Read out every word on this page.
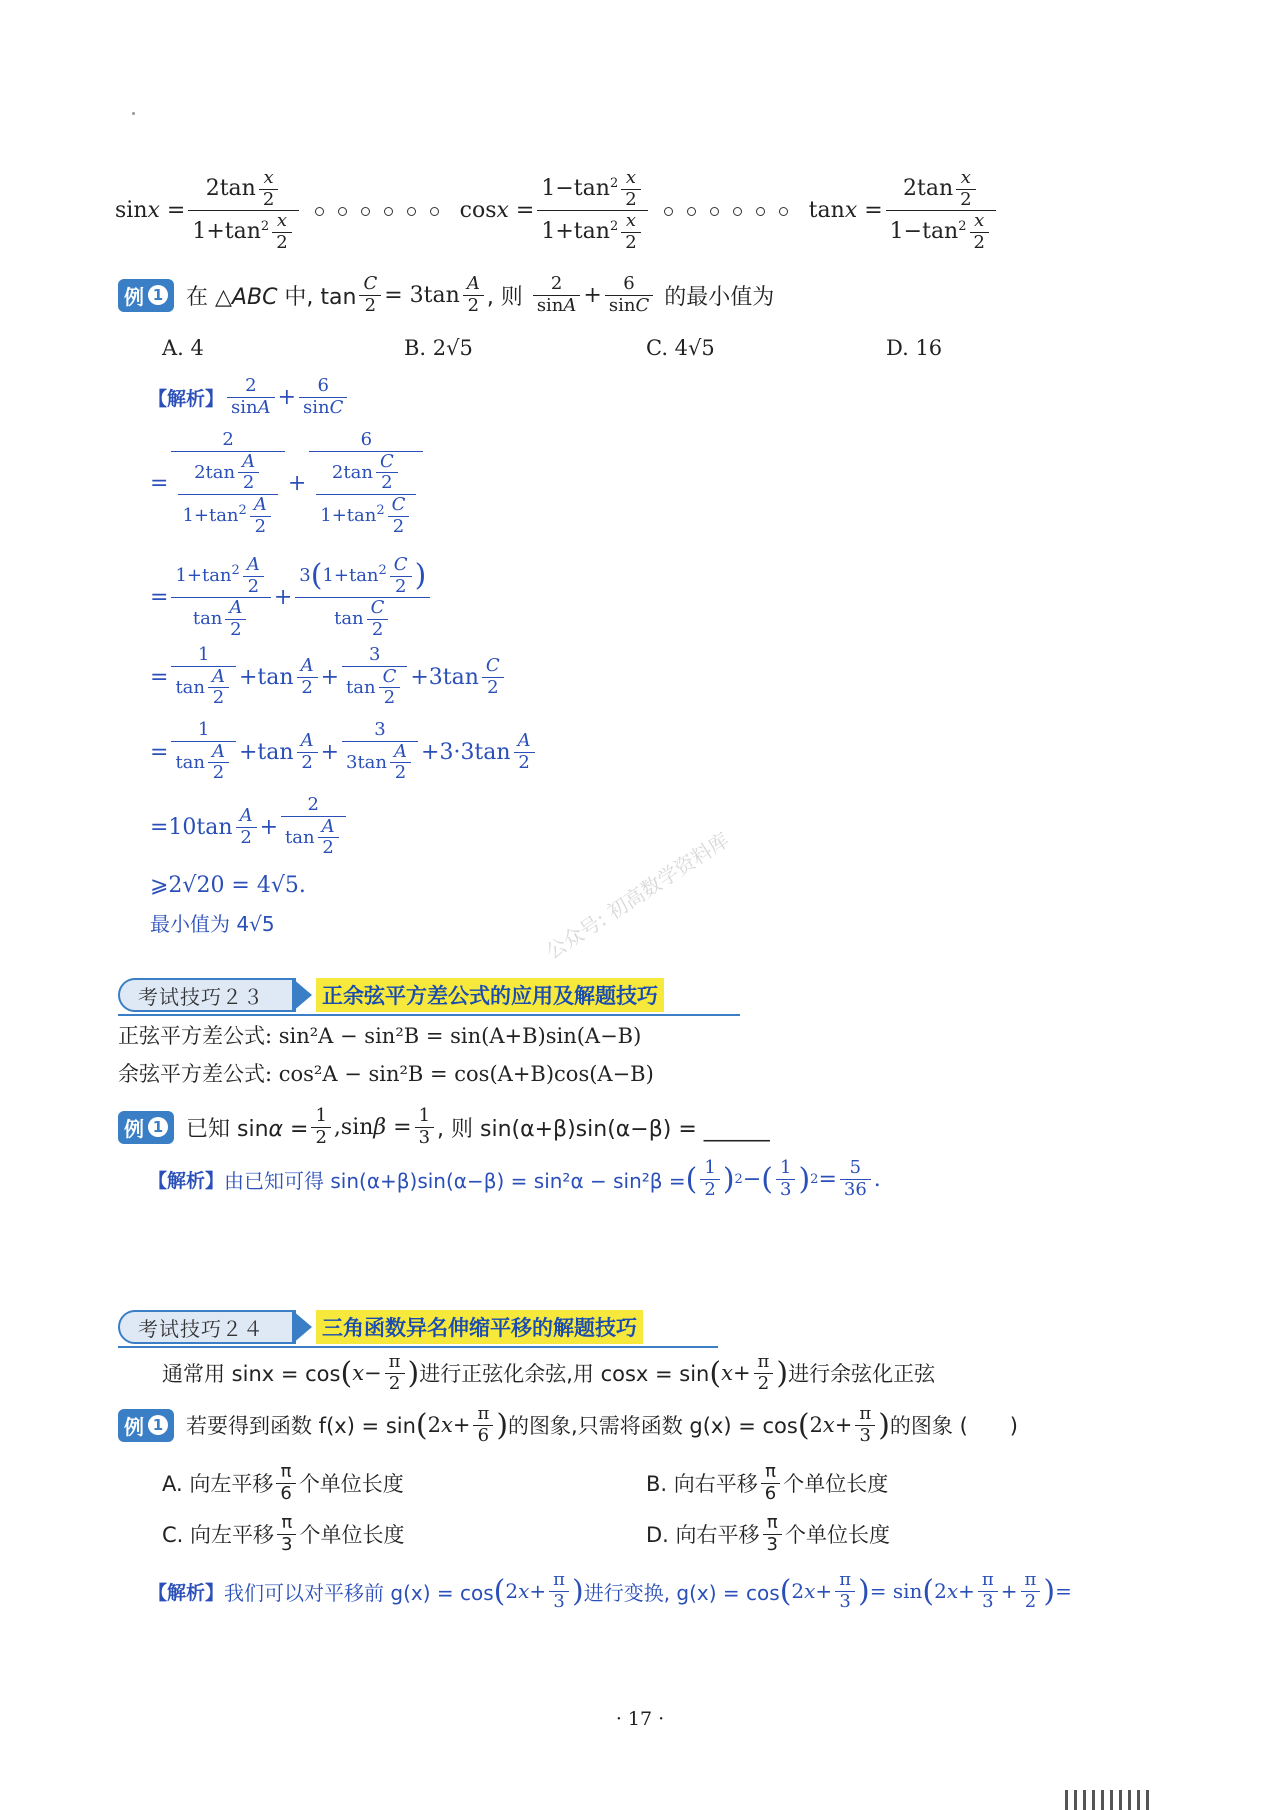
$\sin x = \frac{2\tan \frac{x}{2}}{1+\tan^2 \frac{x}{2}}$	$\cos x = \frac{1-\tan^2 \frac{x}{2}}{1+\tan^2 \frac{x}{2}}$	$\tan x = \frac{2\tan \frac{x}{2}}{1-\tan^2 \frac{x}{2}}$
例 1 在 △ABC 中, $\tan \frac{C}{2} = 3\tan \frac{A}{2}$ , 则 $\frac{2}{\sin A} + \frac{6}{\sin C}$ 的最小值为
A. 4	B. 2√5	C. 4√5	D. 16
【解析】 $\frac{2}{\sin A} + \frac{6}{\sin C}$
= $\frac{2}{\frac{2\tan \frac{A}{2}}{1+\tan^2 \frac{A}{2}}} + \frac{6}{\frac{2\tan \frac{C}{2}}{1+\tan^2 \frac{C}{2}}}$
= $\frac{1+\tan^2 \frac{A}{2}}{\tan \frac{A}{2}} + \frac{3(1+\tan^2 \frac{C}{2} )}{\tan \frac{C}{2}}$
= $\frac{1}{\tan \frac{A}{2}} +\tan \frac{A}{2} + \frac{3}{\tan \frac{C}{2}} +3\tan \frac{C}{2}$
= $\frac{1}{\tan \frac{A}{2}} +\tan \frac{A}{2} + \frac{3}{3\tan \frac{A}{2}} +3\cdot 3\tan \frac{A}{2}$
$=10\tan \frac{A}{2} + \frac{2}{\tan \frac{A}{2}}$
⩾2√20 = 4√5.
最小值为 4√5	公众号: 初高数学资料库
考试技巧２３	正余弦平方差公式的应用及解题技巧
正弦平方差公式: sin²A − sin²B = sin(A+B)sin(A−B)
余弦平方差公式: cos²A − sin²B = cos(A+B)cos(A−B)
例 1 已知 $\sin\alpha = \frac{1}{2} ,\sin\beta = \frac{1}{3}$ , 则 sin(α+β)sin(α−β) = ______
【解析】 由已知可得 sin(α+β)sin(α−β) = sin²α − sin²β = ( $\frac{1}{2}$ ) 2 − ( $\frac{1}{3}$ ) $2 = \frac{5}{36}$ .
考试技巧２４	三角函数异名伸缩平移的解题技巧
通常用 sinx = cos ( $x - \frac{\pi}{2}$ ) 进行正弦化余弦,用 cosx = sin ( $x + \frac{\pi}{2}$ ) 进行余弦化正弦
例 1 若要得到函数 f(x) = sin ( 2 $x + \frac{\pi}{6}$ ) 的图象,只需将函数 g(x) = cos ( 2 $x + \frac{\pi}{3}$ ) 的图象 (　　)
A. 向左平移 $\frac{\pi}{6}$ 个单位长度	B. 向右平移 $\frac{\pi}{6}$ 个单位长度
C. 向左平移 $\frac{\pi}{3}$ 个单位长度	D. 向右平移 $\frac{\pi}{3}$ 个单位长度
【解析】 我们可以对平移前 g(x) = cos ( 2 $x + \frac{\pi}{3}$ ) 进行变换, g(x) = cos ( 2 $x + \frac{\pi}{3}$ ) = sin ( 2 $x + \frac{\pi}{3} + \frac{\pi}{2}$ ) =
· 17 ·
